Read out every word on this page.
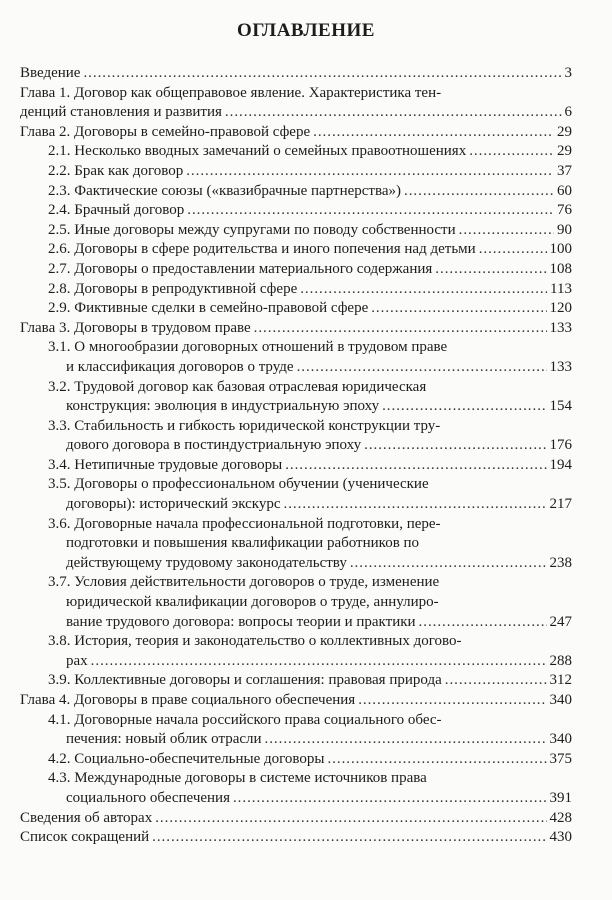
ОГЛАВЛЕНИЕ
Введение . . .	3
Глава 1. Договор как общеправовое явление. Характеристика тен-
денций становления и развития . . .	6
Глава 2. Договоры в семейно-правовой сфере . . .	29
2.1. Несколько вводных замечаний о семейных правоотношениях . . .	29
2.2. Брак как договор . . .	37
2.3. Фактические союзы («квазибрачные партнерства») . . .	60
2.4. Брачный договор . . .	76
2.5. Иные договоры между супругами по поводу собственности . . .	90
2.6. Договоры в сфере родительства и иного попечения над детьми . . .	100
2.7. Договоры о предоставлении материального содержания . . .	108
2.8. Договоры в репродуктивной сфере . . .	113
2.9. Фиктивные сделки в семейно-правовой сфере . . .	120
Глава 3. Договоры в трудовом праве . . .	133
3.1. О многообразии договорных отношений в трудовом праве
и классификация договоров о труде . . .	133
3.2. Трудовой договор как базовая отраслевая юридическая
конструкция: эволюция в индустриальную эпоху . . .	154
3.3. Стабильность и гибкость юридической конструкции тру-
дового договора в постиндустриальную эпоху . . .	176
3.4. Нетипичные трудовые договоры . . .	194
3.5. Договоры о профессиональном обучении (ученические
договоры): исторический экскурс . . .	217
3.6. Договорные начала профессиональной подготовки, пере-
подготовки и повышения квалификации работников по
действующему трудовому законодательству . . .	238
3.7. Условия действительности договоров о труде, изменение
юридической квалификации договоров о труде, аннулиро-
вание трудового договора: вопросы теории и практики . . .	247
3.8. История, теория и законодательство о коллективных догово-
рах . . .	288
3.9. Коллективные договоры и соглашения: правовая природа . . .	312
Глава 4. Договоры в праве социального обеспечения . . .	340
4.1. Договорные начала российского права социального обес-
печения: новый облик отрасли . . .	340
4.2. Социально-обеспечительные договоры . . .	375
4.3. Международные договоры в системе источников права
социального обеспечения . . .	391
Сведения об авторах . . .	428
Список сокращений . . .	430
